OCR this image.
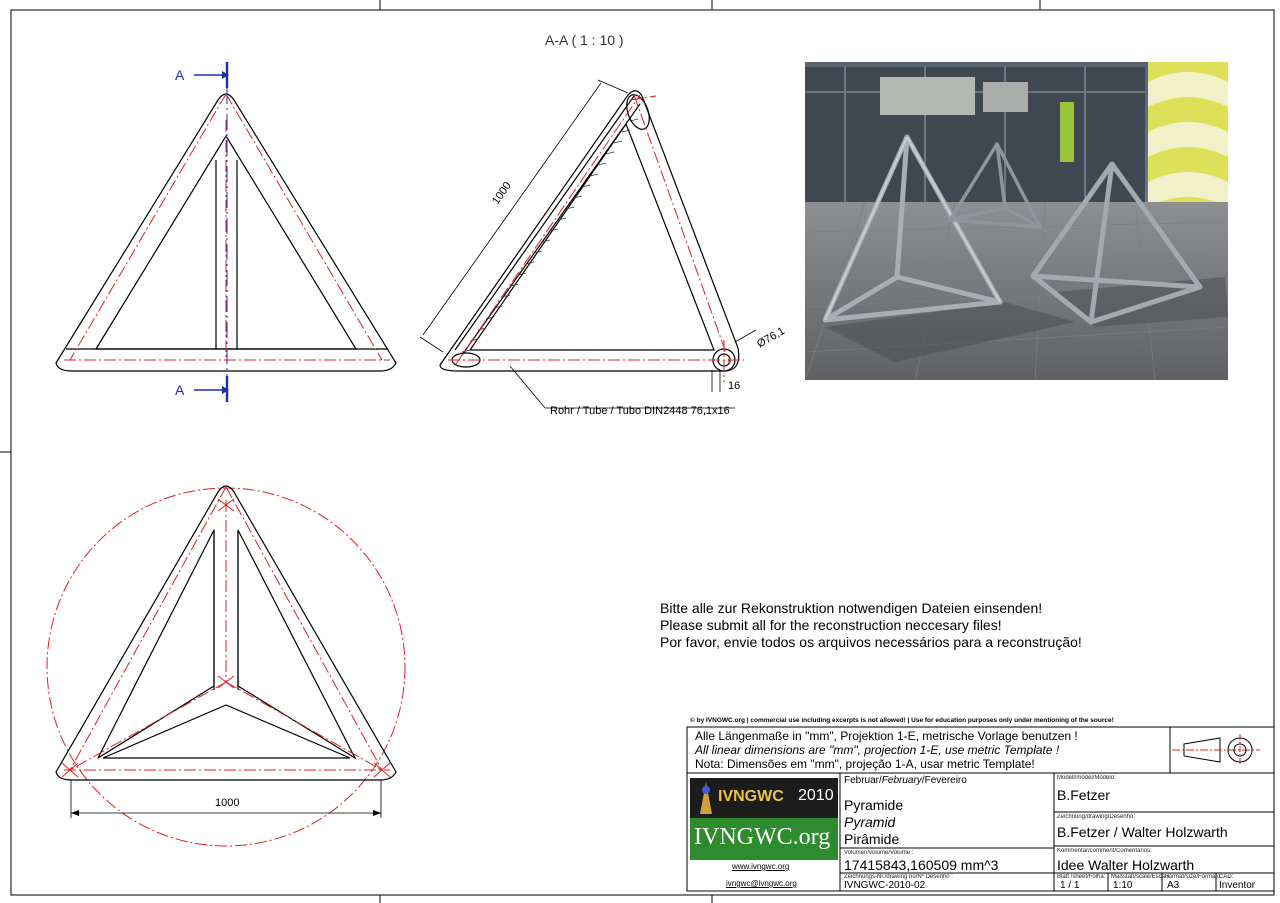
A-A ( 1 : 10 )
A
A
1000
Ø76,1
16
Rohr / Tube / Tubo DIN2448 76,1x16
1000
Bitte alle zur Rekonstruktion notwendigen Dateien einsenden!
Please submit all for the reconstruction neccesary files!
Por favor, envie todos os arquivos necessários para a reconstrução!
© by IVNGWC.org | commercial use including excerpts is not allowed! | Use for education purposes only under mentioning of the source!
Alle Längenmaße in "mm", Projektion 1-E, metrische Vorlage benutzen !
All linear dimensions are "mm", projection 1-E, use metric Template !
Nota: Dimensões em "mm", projeção 1-A, usar metric Template!
IVNGWC 2010
IVNGWC.org
www.ivngwc.org
ivngwc@ivngwc.org
Februar/February/Fevereiro
Pyramide
Pyramid
Pirâmide
Modell/model/Modelo:
B.Fetzer
Zeichnung/drawing/Desenho:
B.Fetzer / Walter Holzwarth
Kommentar/comment/Comentários:
Idee Walter Holzwarth
Volumen/volume/Volume :
17415843,160509 mm^3
Zeichnungs-Nr./drawing no/Nº Desenho :
IVNGWC-2010-02
Blatt /sheet/Folha:
1 / 1
Maßstab/scale/Escala:
1:10
Format/size/Formato:
A3
CAD:
Inventor
